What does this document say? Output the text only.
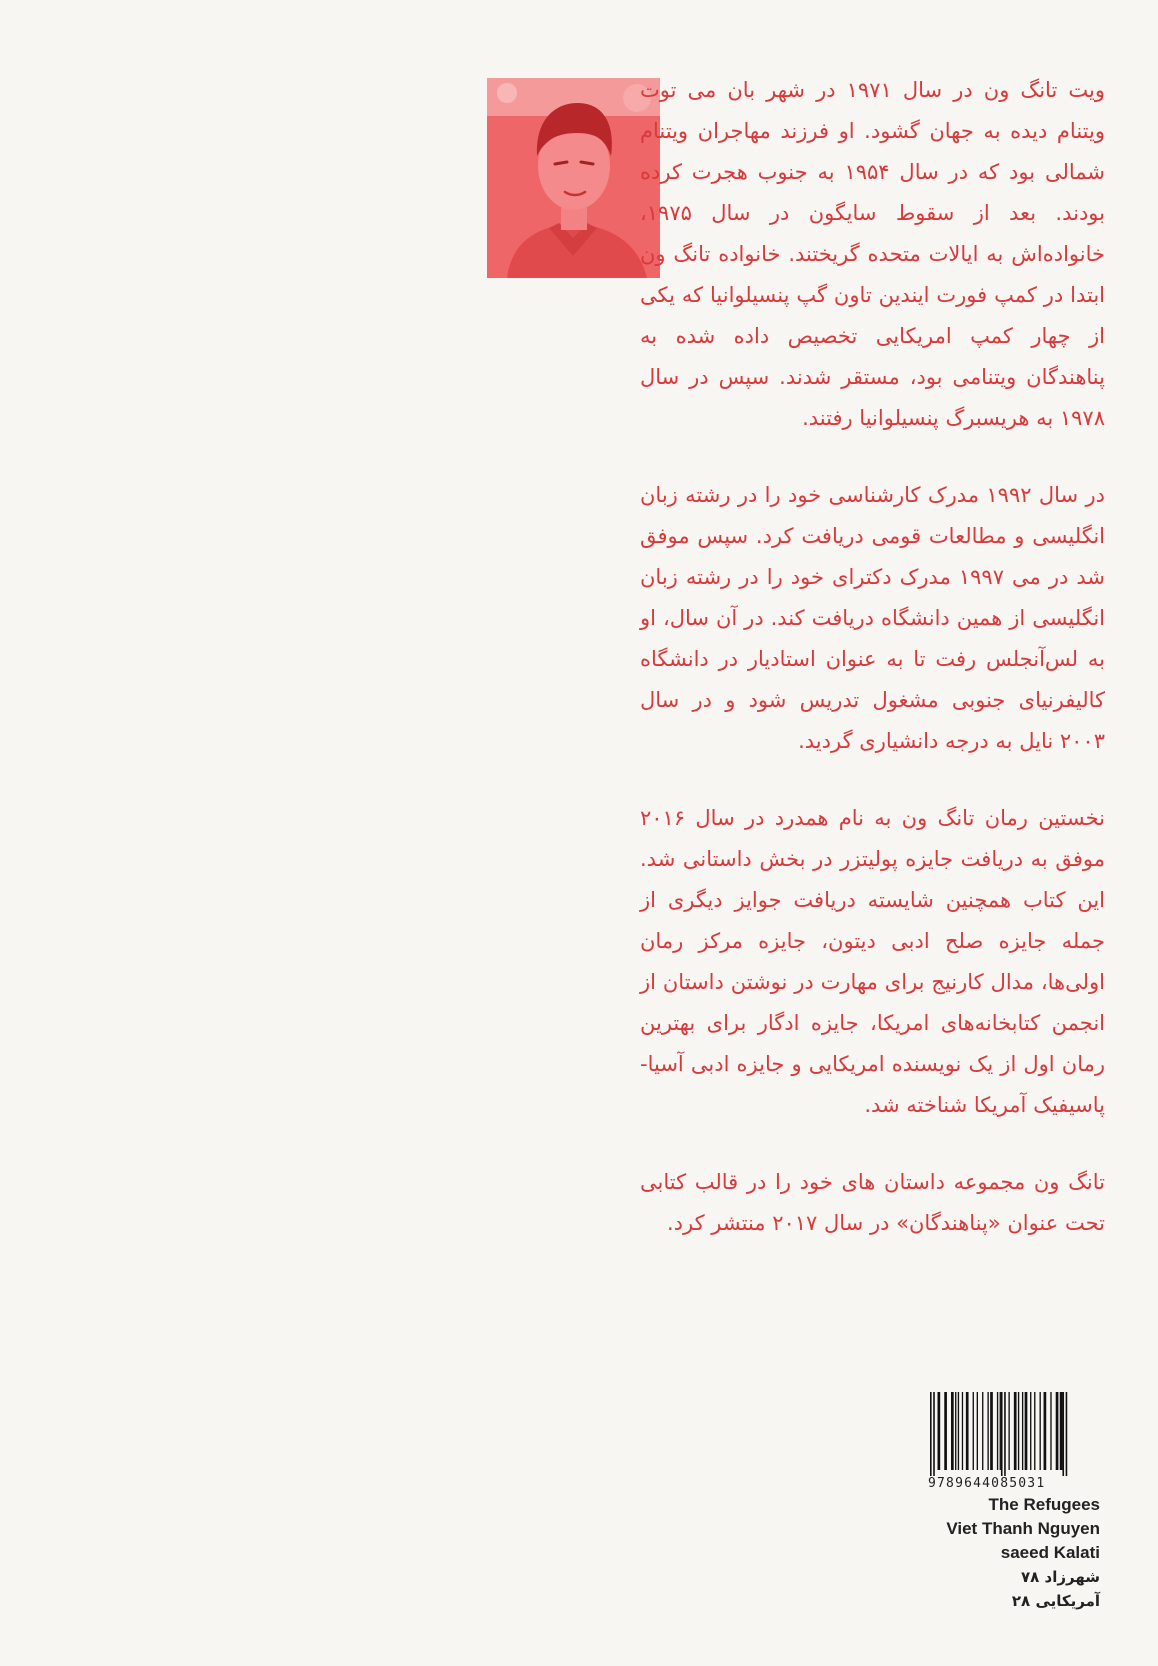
ویت تانگ ون در سال ۱۹۷۱ در شهر بان می توت ویتنام دیده به جهان گشود. او فرزند مهاجران ویتنام شمالی بود که در سال ۱۹۵۴ به جنوب هجرت کرده بودند. بعد از سقوط سایگون در سال ۱۹۷۵، خانواده‌اش به ایالات متحده گریختند. خانواده تانگ ون ابتدا در کمپ فورت ایندین تاون گپ پنسیلوانیا که یکی از چهار کمپ امریکایی تخصیص داده شده به پناهندگان ویتنامی بود، مستقر شدند. سپس در سال ۱۹۷۸ به هریسبرگ پنسیلوانیا رفتند.

در سال ۱۹۹۲ مدرک کارشناسی خود را در رشته زبان انگلیسی و مطالعات قومی دریافت کرد. سپس موفق شد در می ۱۹۹۷ مدرک دکترای خود را در رشته زبان انگلیسی از همین دانشگاه دریافت کند. در آن سال، او به لس‌آنجلس رفت تا به عنوان استادیار در دانشگاه کالیفرنیای جنوبی مشغول تدریس شود و در سال ۲۰۰۳ نایل به درجه دانشیاری گردید.

نخستین رمان تانگ ون به نام همدرد در سال ۲۰۱۶ موفق به دریافت جایزه پولیتزر در بخش داستانی شد. این کتاب همچنین شایسته دریافت جوایز دیگری از جمله جایزه صلح ادبی دیتون، جایزه مرکز رمان اولی‌ها، مدال کارنیج برای مهارت در نوشتن داستان از انجمن کتابخانه‌های امریکا، جایزه ادگار برای بهترین رمان اول از یک نویسنده امریکایی و جایزه ادبی آسیا-پاسیفیک آمریکا شناخته شد.

تانگ ون مجموعه داستان های خود را در قالب کتابی تحت عنوان «پناهندگان» در سال ۲۰۱۷ منتشر کرد.

9789644085031
The Refugees
Viet Thanh Nguyen
saeed Kalati
شهرزاد ۷۸
آمریکایی ۲۸
